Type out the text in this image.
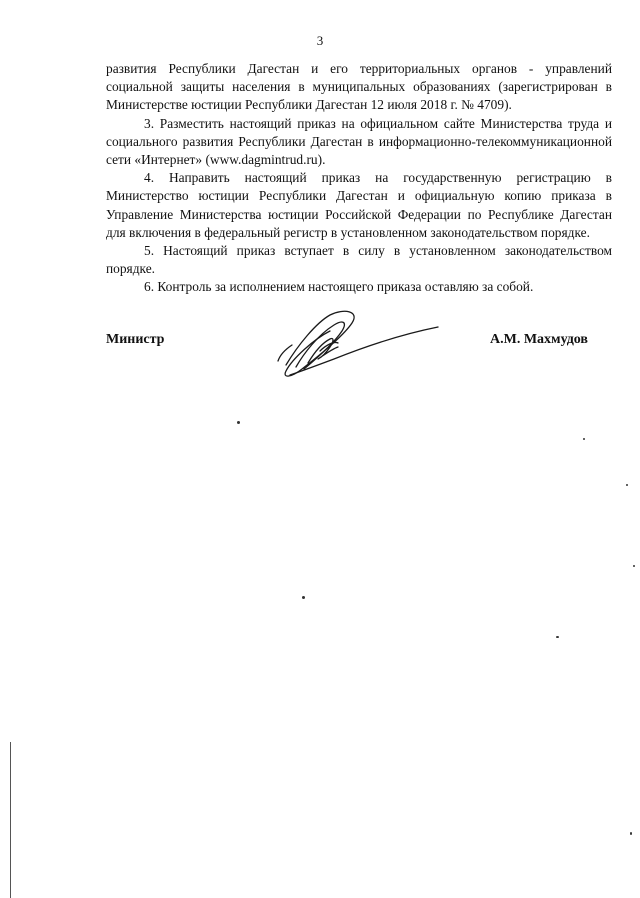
3

развития Республики Дагестан и его территориальных органов - управлений социальной защиты населения в муниципальных образованиях (зарегистрирован в Министерстве юстиции Республики Дагестан 12 июля 2018 г. № 4709).

3. Разместить настоящий приказ на официальном сайте Министерства труда и социального развития Республики Дагестан в информационно-телекоммуникационной сети «Интернет» (www.dagmintrud.ru).

4. Направить настоящий приказ на государственную регистрацию в Министерство юстиции Республики Дагестан и официальную копию приказа в Управление Министерства юстиции Российской Федерации по Республике Дагестан для включения в федеральный регистр в установленном законодательством порядке.

5. Настоящий приказ вступает в силу в установленном законодательством порядке.

6. Контроль за исполнением настоящего приказа оставляю за собой.

Министр	А.М. Махмудов
